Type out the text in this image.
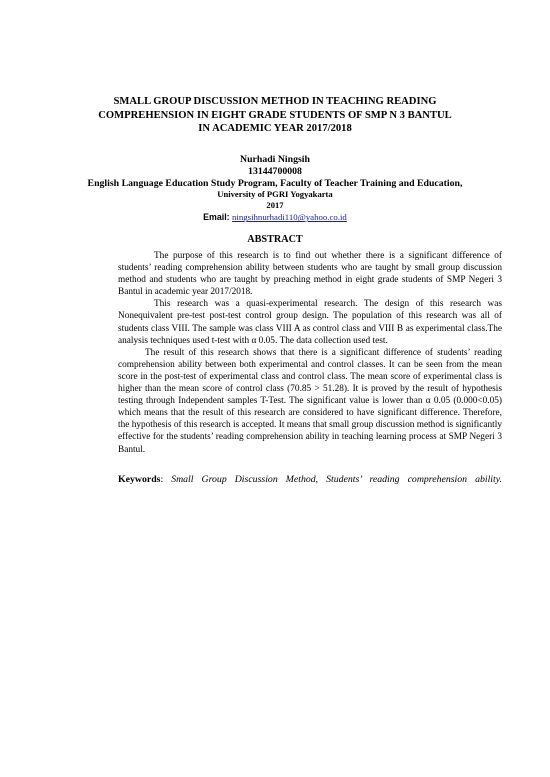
SMALL GROUP DISCUSSION METHOD IN TEACHING READING COMPREHENSION IN EIGHT GRADE STUDENTS OF SMP N 3 BANTUL IN ACADEMIC YEAR 2017/2018
Nurhadi Ningsih
13144700008
English Language Education Study Program, Faculty of Teacher Training and Education,
University of PGRI Yogyakarta
2017
Email: ningsihnurhadi110@yahoo.co.id
ABSTRACT

The purpose of this research is to find out whether there is a significant difference of students’ reading comprehension ability between students who are taught by small group discussion method and students who are taught by preaching method in eight grade students of SMP Negeri 3 Bantul in academic year 2017/2018.

This research was a quasi-experimental research. The design of this research was Nonequivalent pre-test post-test control group design. The population of this research was all of students class VIII. The sample was class VIII A as control class and VIII B as experimental class.The analysis techniques used t-test with α 0.05. The data collection used test.

The result of this research shows that there is a significant difference of students’ reading comprehension ability between both experimental and control classes. It can be seen from the mean score in the post-test of experimental class and control class. The mean score of experimental class is higher than the mean score of control class (70.85 > 51.28). It is proved by the result of hypothesis testing through Independent samples T-Test. The significant value is lower than α 0.05 (0.000<0.05) which means that the result of this research are considered to have significant difference. Therefore, the hypothesis of this research is accepted. It means that small group discussion method is significantly effective for the students’ reading comprehension ability in teaching learning process at SMP Negeri 3 Bantul.

Keywords: Small Group Discussion Method, Students’ reading comprehension ability.
